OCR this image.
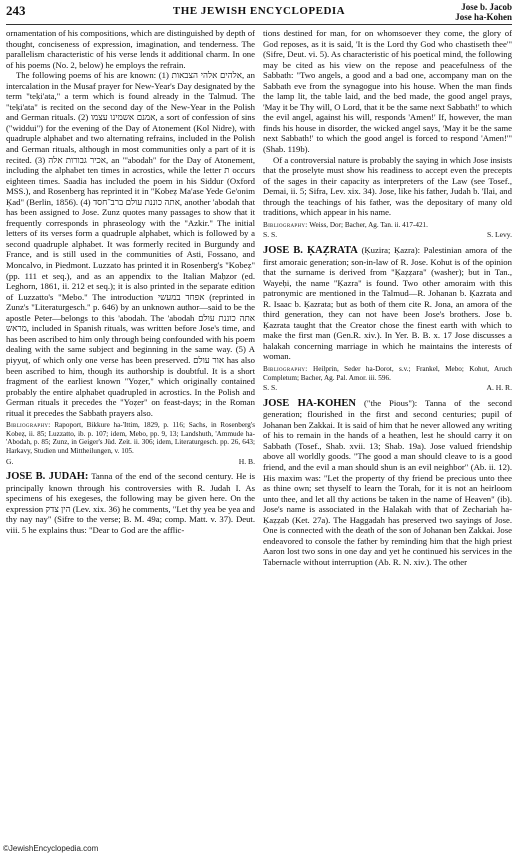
243	THE JEWISH ENCYCLOPEDIA	Jose b. Jacob
Jose ha-Kohen

ornamentation of his compositions, which are distinguished by depth of thought, conciseness of expression, imagination, and tenderness. The parallelism characteristic of his verse lends it additional charm. In one of his poems (No. 2, below) he employs the refrain.

The following poems of his are known: (1) אלהים אלהי הצבאות, an intercalation in the Musaf prayer for New-Year's Day designated by the term "teḳi'ata," a term which is found already in the Talmud. The "teḳi'ata" is recited on the second day of the New-Year in the Polish and German rituals. (2) אמנם אשמינו עצמו, a sort of confession of sins ("widdui") for the evening of the Day of Atonement (Kol Nidre), with quadruple alphabet and two alternating refrains, included in the Polish and German rituals, although in most communities only a part of it is recited. (3) אכיר גבורות אלה, an "'abodah" for the Day of Atonement, including the alphabet ten times in acrostics, while the letter ת occurs eighteen times. Saadia has included the poem in his Siddur (Oxford MSS.), and Rosenberg has reprinted it in "Kobeẓ Ma'ase Yede Ge'onim Ḳad" (Berlin, 1856). (4) אתה כוננת עולם ברב־חסד, another 'abodah that has been assigned to Jose. Zunz quotes many passages to show that it frequently corresponds in phraseology with the "Azkir." The initial letters of its verses form a quadruple alphabet, which is followed by a second quadruple alphabet. It was formerly recited in Burgundy and France, and is still used in the communities of Asti, Fossano, and Moncalvo, in Piedmont. Luzzato has printed it in Rosenberg's "Kobeẓ" (pp. 111 et seq.), and as an appendix to the Italian Maḥzor (ed. Leghorn, 1861, ii. 212 et seq.); it is also printed in the separate edition of Luzzatto's "Mebo." The introduction אפחד במעשי (reprinted in Zunz's "Literaturgesch." p. 646) by an unknown author—said to be the apostle Peter—belongs to this 'abodah. The 'abodah אתה כוננת עולם מראש, included in Spanish rituals, was written before Jose's time, and has been ascribed to him only through being confounded with his poem dealing with the same subject and beginning in the same way. (5) A piyyuṭ, of which only one verse has been preserved. אור עולם has also been ascribed to him, though its authorship is doubtful. It is a short fragment of the earliest known "Yoẓer," which originally contained probably the entire alphabet quadrupled in acrostics. In the Polish and German rituals it precedes the "Yoẓer" on feast-days; in the Roman ritual it precedes the Sabbath prayers also.

Bibliography: Rapoport, Bikkure ha-'Ittim, 1829, p. 116; Sachs, in Rosenberg's Kobeẓ, ii. 85; Luzzatto, ib. p. 107; idem, Mebo, pp. 9, 13; Landshuth, 'Ammude ha-'Abodah, p. 85; Zunz, in Geiger's Jüd. Zeit. ii. 306; idem, Literaturgesch. pp. 26, 643; Harkavy, Studien und Mittheilungen, v. 105.
G.	H. B.

JOSE B. JUDAH: Tanna of the end of the second century. He is principally known through his controversies with R. Judah I. As specimens of his exegeses, the following may be given here. On the expression הין צדק (Lev. xix. 36) he comments, "Let thy yea be yea and thy nay nay" (Sifre to the verse; B. M. 49a; comp. Matt. v. 37). Deut. viii. 5 he explains thus: "Dear to God are the afflic-

tions destined for man, for on whomsoever they come, the glory of God reposes, as it is said, 'It is the Lord thy God who chastiseth thee'" (Sifre, Deut. vi. 5). As characteristic of his poetical mind, the following may be cited as his view on the repose and peacefulness of the Sabbath: "Two angels, a good and a bad one, accompany man on the Sabbath eve from the synagogue into his house. When the man finds the lamp lit, the table laid, and the bed made, the good angel prays, 'May it be Thy will, O Lord, that it be the same next Sabbath!' to which the evil angel, against his will, responds 'Amen!' If, however, the man finds his house in disorder, the wicked angel says, 'May it be the same next Sabbath!' to which the good angel is forced to respond 'Amen!'" (Shab. 119b).

Of a controversial nature is probably the saying in which Jose insists that the proselyte must show his readiness to accept even the precepts of the sages in their capacity as interpreters of the Law (see Tosef., Demai, ii. 5; Sifra, Lev. xix. 34). Jose, like his father, Judah b. 'Ilai, and through the teachings of his father, was the depositary of many old traditions, which appear in his name.

Bibliography: Weiss, Dor; Bacher, Ag. Tan. ii. 417-421.
S. S.	S. Levy.

JOSE B. ḲAẒRATA (Ḳuzira; Ḳazra): Palestinian amora of the first amoraic generation; son-in-law of R. Jose. Kohut is of the opinion that the surname is derived from "Ḳaẓẓara" (washer); but in Tan., Wayeḥi, the name "Ḳazra" is found. Two other amoraim with this patronymic are mentioned in the Talmud—R. Johanan b. Ḳazrata and R. Isaac b. Ḳazrata; but as both of them cite R. Jona, an amora of the third generation, they can not have been Jose's brothers. Jose b. Ḳazrata taught that the Creator chose the finest earth with which to make the first man (Gen.R. xiv.). In Yer. B. B. x. 17 Jose discusses a halakah concerning marriage in which he maintains the interests of woman.

Bibliography: Heilprin, Seder ha-Dorot, s.v.; Frankel, Mebo; Kohut, Aruch Completum; Bacher, Ag. Pal. Amor. iii. 596.
S. S.	A. H. R.

JOSE HA-KOHEN ("the Pious"): Tanna of the second generation; flourished in the first and second centuries; pupil of Johanan ben Zakkai. It is said of him that he never allowed any writing of his to remain in the hands of a heathen, lest he should carry it on Sabbath (Tosef., Shab. xvii. 13; Shab. 19a). Jose valued friendship above all worldly goods. "The good a man should cleave to is a good friend, and the evil a man should shun is an evil neighbor" (Ab. ii. 12). His maxim was: "Let the property of thy friend be precious unto thee as thine own; set thyself to learn the Torah, for it is not an heirloom unto thee, and let all thy actions be taken in the name of Heaven" (ib). Jose's name is associated in the Halakah with that of Zechariah ha-Ḳaẓẓab (Ket. 27a). The Haggadah has preserved two sayings of Jose. One is connected with the death of the son of Johanan ben Zakkai. Jose endeavored to console the father by reminding him that the high priest Aaron lost two sons in one day and yet he continued his services in the Tabernacle without interruption (Ab. R. N. xiv.). The other

©JewishEncyclopedia.com
